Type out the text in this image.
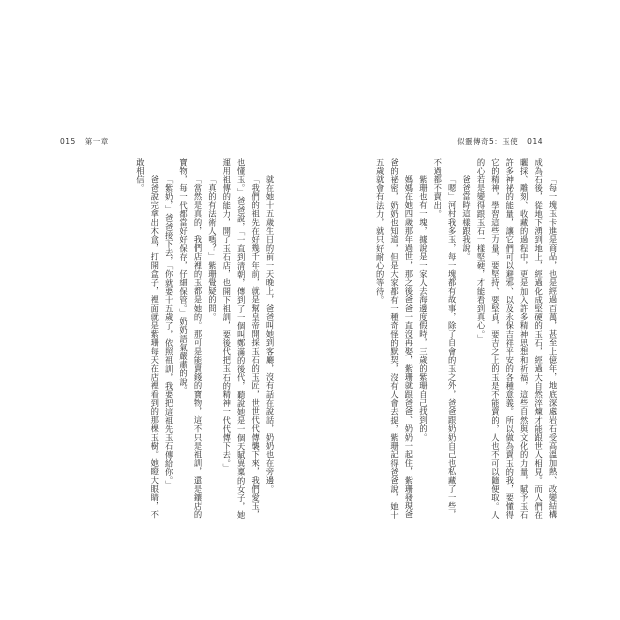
015 第一章	似靈傳奇5：玉使 014

「每一塊玉卡進是商品，也是經過百萬，甚至上億年，地底深處岩石受高溫加熱、改變結構成為石後，從地下湧到地上，經過化成堅硬的玉石，經過大自然淬煉才能跟世人相見。而人們在曬採、雕刻、收藏的過程中，更是加入許多精神思想和祈福，這些自然與文化的力量，賦予玉石許多神祕的能量，讓它們可以避邪、以及永保吉祥平安的各種意義。所以做為賣玉的我，要懂得它的精神，學習這些力量，要堅持、要堅貞，要吉之上的玉是不能賣的，人也不可以隨便取。人的心若是變得跟玉石一樣堅硬，才能看到真心。」

爸爸當時這樣跟我說。

「嗯」河村我多玉，每一塊都有故事，除了自會的玉之外，爸爸跟奶奶自己也私藏了一些，不過都不賣出。

紫珊也有一塊，據說是一家人去海邊度假時，三歲的紫珊自己找到的。

媽媽在她四歲那年過世，那之後爸爸一直沒再娶，紫珊就跟爸爸、奶奶一起住，紫珊發現爸爸的祕密，奶奶也知道，但是大家都有一種奇怪的默契，沒有人會去提，紫珊記得爸爸說，她十五歲就會有法力，就只好耐心的等待。

就在她十五歲生日的前一天晚上，爸爸叫她到客廳，沒有話在說話，奶奶也在旁邊。

「我們的祖先在好幾千年前，就是幫皇帝開採玉石的玉匠，世世代代傳襲下來，我們愛玉，也懂玉。」爸爸說，「一直到清朝，傳到了一個叫鄭滿的後代，聽說她是一個天賦異稟的女子，她運用祖傳的能力，開了玉石店，也開下祖訓，要後代把玉石的精神一代代傳下去。」

「真的有法術人嗎？」紫珊覺疑的問。

「當然是真的，我們店裡的玉都是她的。那可是能賣錢的寶物，這不只是祖訓，還是鑲店的寶物，每一代都當好好保存，仔細保管。」奶奶語氣嚴肅的說。

「紫奶，」爸爸接下去，「你就要十五歲了，依照祖訓，我要把這祖先玉石傳給你。」

爸爸說完拿出木盒，打開盒子，裡面就是紫珊每天在店裡看到的那棵玉樹。她瞪大眼睛，不敢相信。
